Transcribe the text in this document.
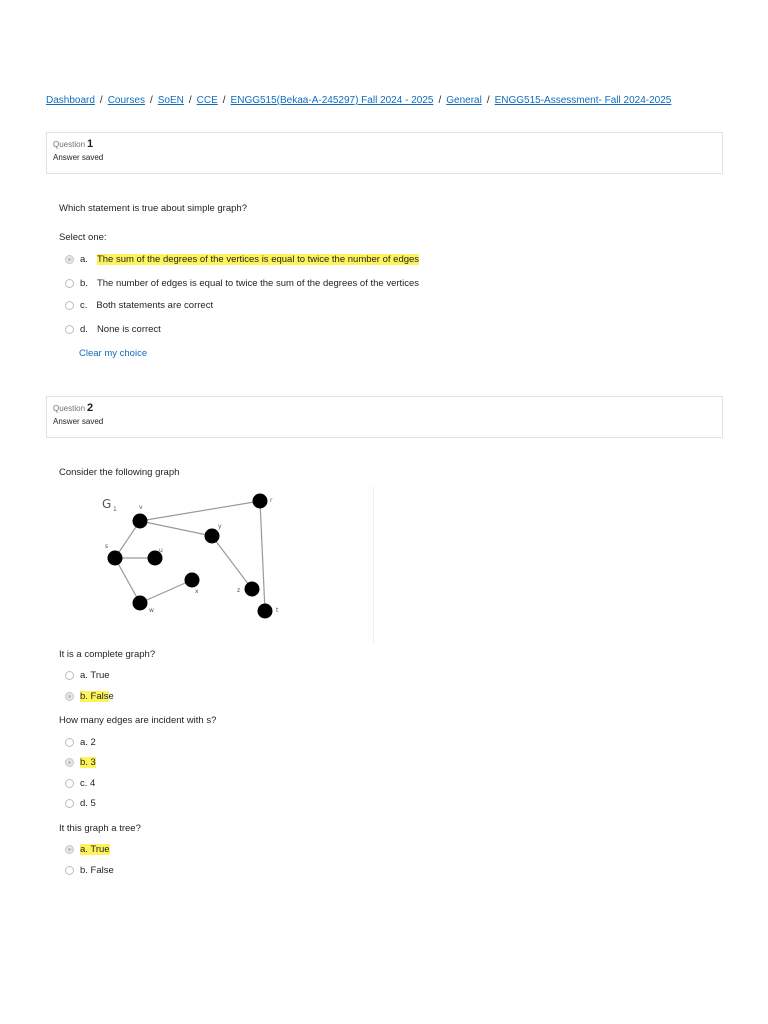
Dashboard / Courses / SoEN / CCE / ENGG515(Bekaa-A-245297) Fall 2024 - 2025 / General / ENGG515-Assessment- Fall 2024-2025
Question 1
Answer saved
Which statement is true about simple graph?
Select one:
a. The sum of the degrees of the vertices is equal to twice the number of edges
b. The number of edges is equal to twice the sum of the degrees of the vertices
c. Both statements are correct
d. None is correct
Clear my choice
Question 2
Answer saved
Consider the following graph
G 1	v
y
r
s
u
x	z
w	t
It is a complete graph?
a. True
b. Fals e
How many edges are incident with s?
a. 2
b. 3
c. 4
d. 5
It this graph a tree?
a. True
b. False
